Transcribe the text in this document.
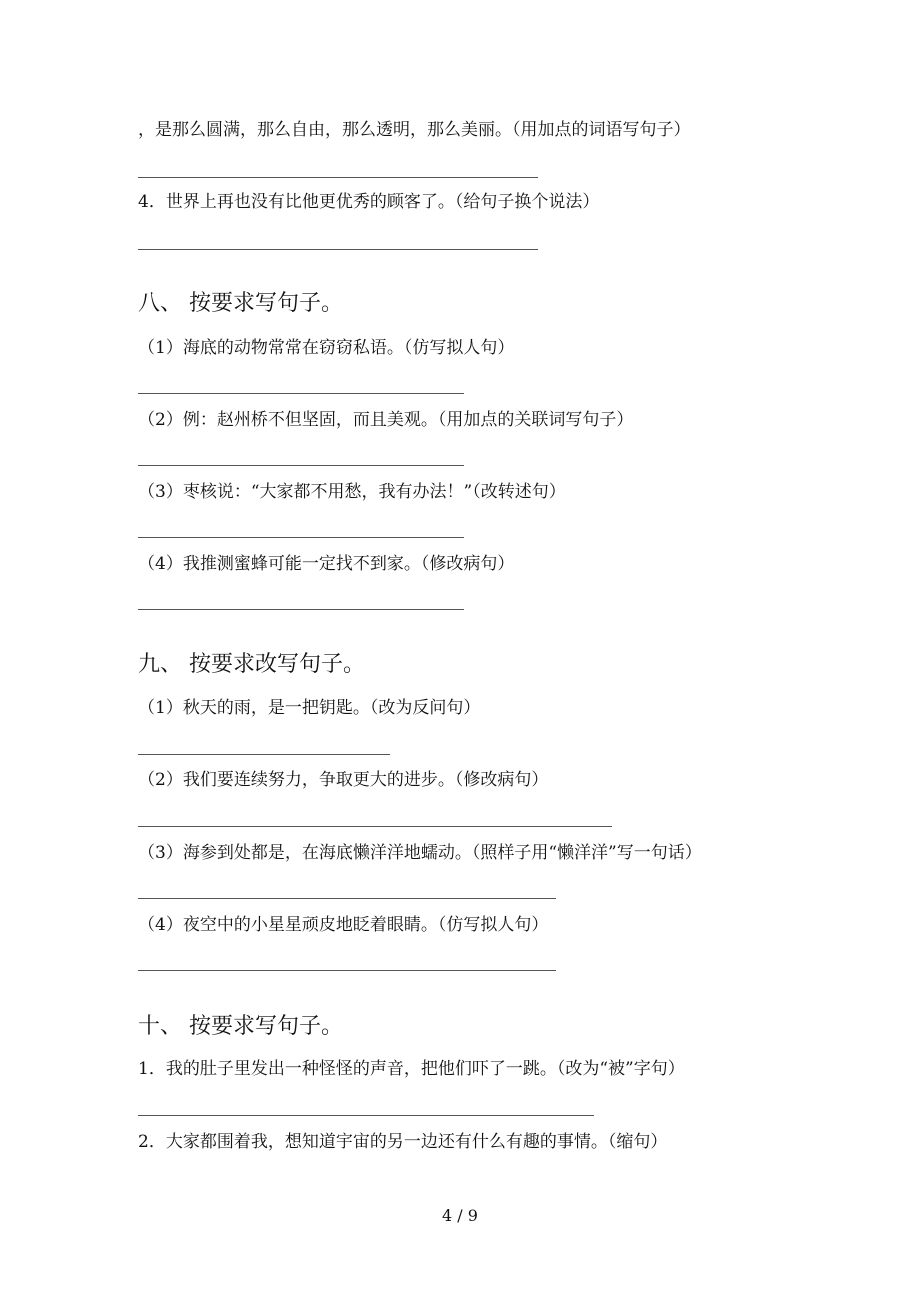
，是那么圆满，那么自由，那么透明，那么美丽。（用加点的词语写句子）
4．世界上再也没有比他更优秀的顾客了。（给句子换个说法）
八、 按要求写句子。
（1）海底的动物常常在窃窃私语。（仿写拟人句）
（2）例：赵州桥不但坚固，而且美观。（用加点的关联词写句子）
（3）枣核说：“大家都不用愁，我有办法！”（改转述句）
（4）我推测蜜蜂可能一定找不到家。（修改病句）
九、 按要求改写句子。
（1）秋天的雨，是一把钥匙。（改为反问句）
（2）我们要连续努力，争取更大的进步。（修改病句）
（3）海参到处都是，在海底懒洋洋地蠕动。（照样子用“懒洋洋”写一句话）
（4）夜空中的小星星顽皮地眨着眼睛。（仿写拟人句）
十、 按要求写句子。
1．我的肚子里发出一种怪怪的声音，把他们吓了一跳。（改为“被”字句）
2．大家都围着我，想知道宇宙的另一边还有什么有趣的事情。（缩句）
4 / 9
